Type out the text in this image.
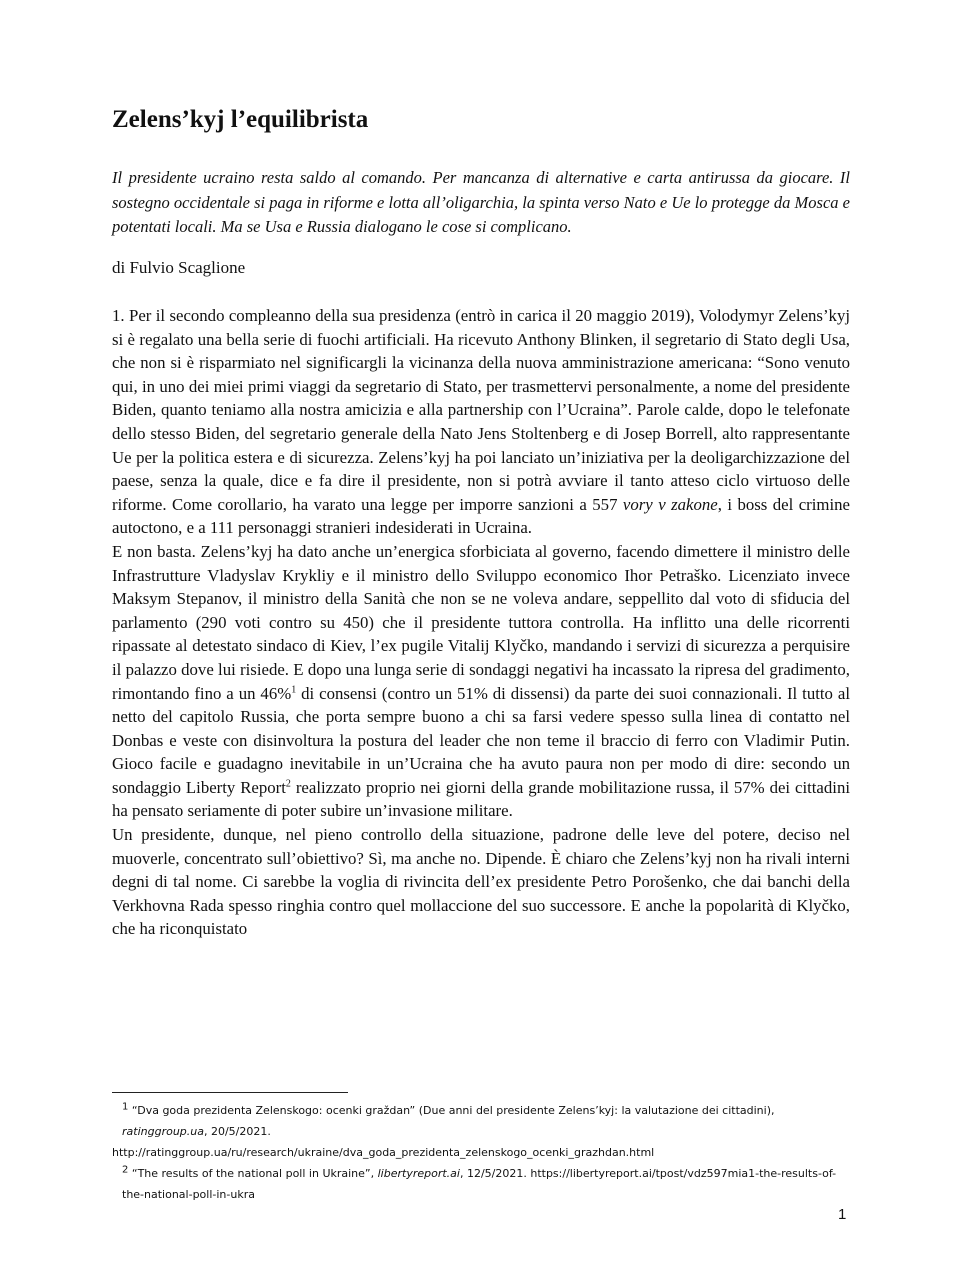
Zelens’kyj l’equilibrista

Il presidente ucraino resta saldo al comando. Per mancanza di alternative e carta antirussa da giocare. Il sostegno occidentale si paga in riforme e lotta all’oligarchia, la spinta verso Nato e Ue lo protegge da Mosca e potentati locali. Ma se Usa e Russia dialogano le cose si complicano.

di Fulvio Scaglione

1. Per il secondo compleanno della sua presidenza (entrò in carica il 20 maggio 2019), Volodymyr Zelens’kyj si è regalato una bella serie di fuochi artificiali. Ha ricevuto Anthony Blinken, il segretario di Stato degli Usa, che non si è risparmiato nel significargli la vicinanza della nuova amministrazione americana: “Sono venuto qui, in uno dei miei primi viaggi da segretario di Stato, per trasmettervi personalmente, a nome del presidente Biden, quanto teniamo alla nostra amicizia e alla partnership con l’Ucraina”. Parole calde, dopo le telefonate dello stesso Biden, del segretario generale della Nato Jens Stoltenberg e di Josep Borrell, alto rappresentante Ue per la politica estera e di sicurezza. Zelens’kyj ha poi lanciato un’iniziativa per la deoligarchizzazione del paese, senza la quale, dice e fa dire il presidente, non si potrà avviare il tanto atteso ciclo virtuoso delle riforme. Come corollario, ha varato una legge per imporre sanzioni a 557 vory v zakone, i boss del crimine autoctono, e a 111 personaggi stranieri indesiderati in Ucraina.

E non basta. Zelens’kyj ha dato anche un’energica sforbiciata al governo, facendo dimettere il ministro delle Infrastrutture Vladyslav Krykliy e il ministro dello Sviluppo economico Ihor Petraško. Licenziato invece Maksym Stepanov, il ministro della Sanità che non se ne voleva andare, seppellito dal voto di sfiducia del parlamento (290 voti contro su 450) che il presidente tuttora controlla. Ha inflitto una delle ricorrenti ripassate al detestato sindaco di Kiev, l’ex pugile Vitalij Klyčko, mandando i servizi di sicurezza a perquisire il palazzo dove lui risiede. E dopo una lunga serie di sondaggi negativi ha incassato la ripresa del gradimento, rimontando fino a un 46%$^1$ di consensi (contro un 51% di dissensi) da parte dei suoi connazionali. Il tutto al netto del capitolo Russia, che porta sempre buono a chi sa farsi vedere spesso sulla linea di contatto nel Donbas e veste con disinvoltura la postura del leader che non teme il braccio di ferro con Vladimir Putin. Gioco facile e guadagno inevitabile in un’Ucraina che ha avuto paura non per modo di dire: secondo un sondaggio Liberty Report$^2$ realizzato proprio nei giorni della grande mobilitazione russa, il 57% dei cittadini ha pensato seriamente di poter subire un’invasione militare.

Un presidente, dunque, nel pieno controllo della situazione, padrone delle leve del potere, deciso nel muoverle, concentrato sull’obiettivo? Sì, ma anche no. Dipende. È chiaro che Zelens’kyj non ha rivali interni degni di tal nome. Ci sarebbe la voglia di rivincita dell’ex presidente Petro Porošenko, che dai banchi della Verkhovna Rada spesso ringhia contro quel mollaccione del suo successore. E anche la popolarità di Klyčko, che ha riconquistato

1 “Dva goda prezidenta Zelenskogo: ocenki graždan” (Due anni del presidente Zelens’kyj: la valutazione dei cittadini), ratinggroup.ua, 20/5/2021.

http://ratinggroup.ua/ru/research/ukraine/dva_goda_prezidenta_zelenskogo_ocenki_grazhdan.html

2 “The results of the national poll in Ukraine”, libertyreport.ai, 12/5/2021. https://libertyreport.ai/tpost/vdz597mia1-the-results-of-the-national-poll-in-ukra

1
